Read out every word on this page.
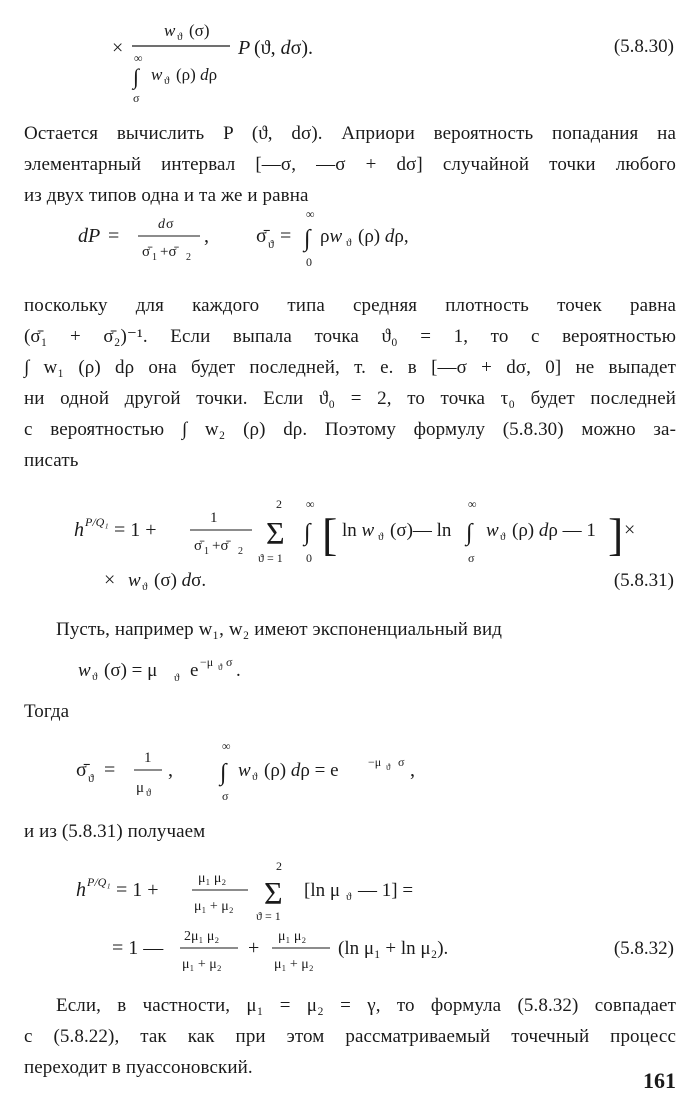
×
w ϑ (σ)
∞
∫ w ϑ (ρ) dρ
σ
P (ϑ, dσ).	(5.8.30)
Остается вычислить P (ϑ, dσ). Априори вероятность попадания на
элементарный интервал [—σ, —σ + dσ] случайной точки любого
из двух типов одна и та же и равна
dP =
d σ
σ̄ 1 +σ̄ 2
, σ̄ ϑ =
∞
∫
0
ρw ϑ (ρ) dρ,
поскольку для каждого типа средняя плотность точек равна
(σ̄₁ + σ̄₂)⁻¹. Если выпала точка ϑ₀ = 1, то с вероятностью
∫ w₁ (ρ) dρ она будет последней, т. е. в [—σ + dσ, 0] не выпадет
ни одной другой точки. Если ϑ₀ = 2, то точка τ₀ будет последней
с вероятностью ∫ w₂ (ρ) dρ. Поэтому формулу (5.8.30) можно за-
писать
h P/Q₁ = 1 +
1
σ̄ 1 +σ̄ 2
2
Σ
ϑ = 1
∞
∫
0 [ ln w ϑ (σ)— ln
∞
∫
σ
w ϑ (ρ) dρ — 1 ] ×
× w ϑ (σ) dσ.	(5.8.31)
Пусть, например w₁, w₂ имеют экспоненциальный вид
w ϑ (σ) = μ ϑ e −μ ϑ σ .
Тогда
σ̄ ϑ =
1
μ ϑ
,
∞
∫
σ
w ϑ (ρ) dρ = e −μ ϑ σ ,
и из (5.8.31) получаем
h P/Q₁ = 1 +
μ₁ μ₂
μ₁ + μ₂
2
Σ
ϑ = 1
[ln μ ϑ — 1] =
= 1 —
2μ₁ μ₂
μ₁ + μ₂
+
μ₁ μ₂
μ₁ + μ₂
(ln μ₁ + ln μ₂).	(5.8.32)
Если, в частности, μ₁ = μ₂ = γ, то формула (5.8.32) совпадает
с (5.8.22), так как при этом рассматриваемый точечный процесс
переходит в пуассоновский.
161
